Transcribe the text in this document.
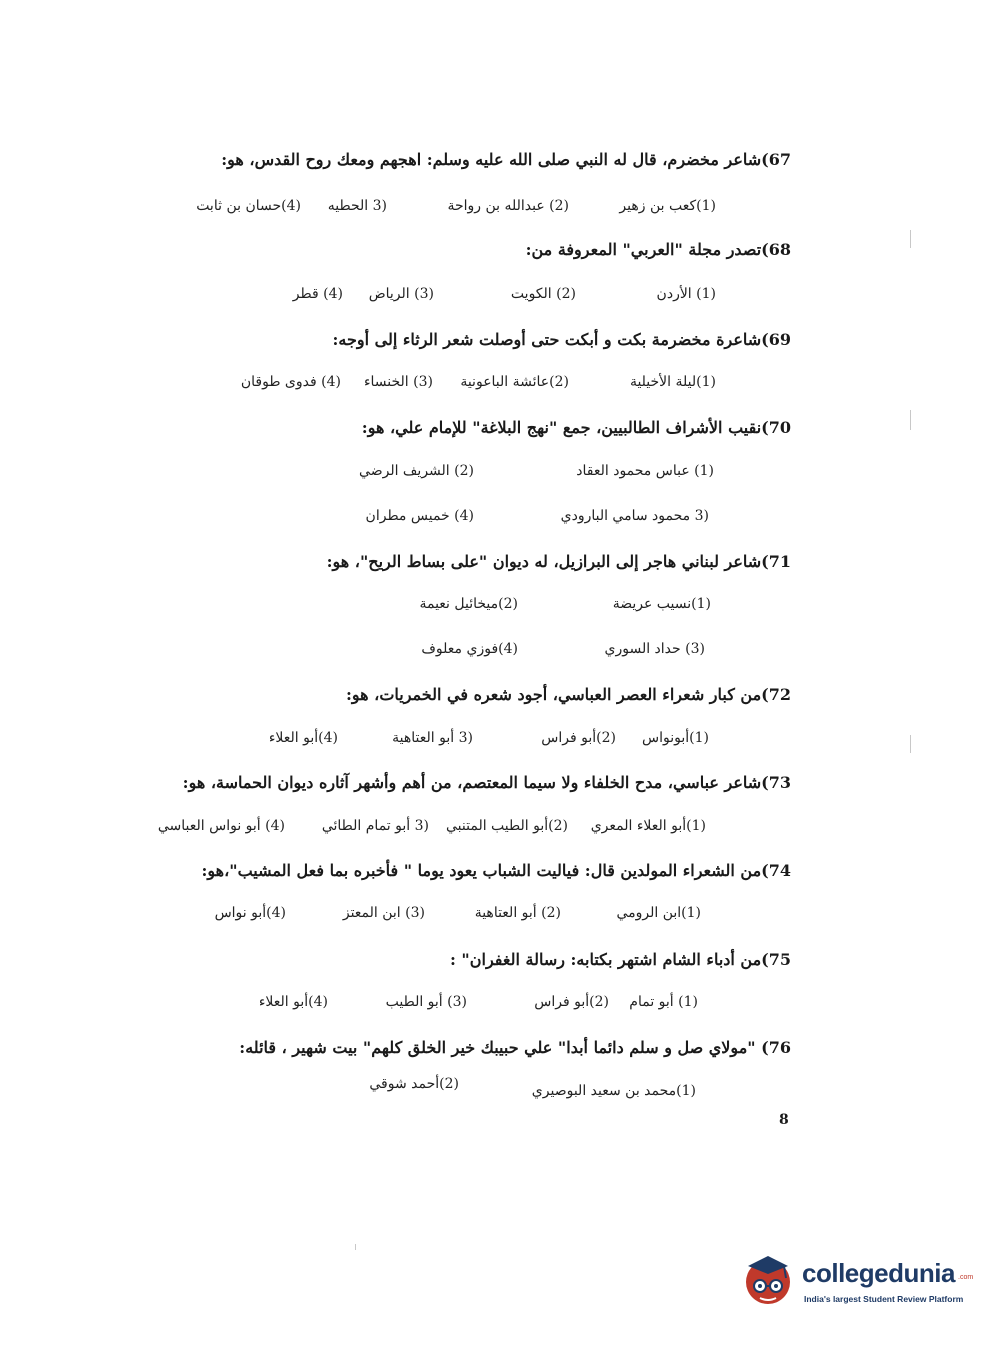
67)شاعر مخضرم، قال له النبي صلى الله عليه وسلم: اهجهم ومعك روح القدس، هو:
(1)كعب بن زهير
(2) عبدالله بن رواحة
(3 الحطيه
(4)حسان بن ثابت
68)تصدر مجلة "العربي" المعروفة من:
(1) الأردن
(2) الكويت
(3) الرياض
(4) قطر
69)شاعرة مخضرمة بكت و أبكت حتى أوصلت شعر الرثاء إلى أوجه:
(1)ليلة الأخيلية
(2)عائشة الباعونية
(3) الخنساء
(4) فدوى طوقان
70)نقيب الأشراف الطالبيين، جمع "نهج البلاغة" للإمام علي، هو:
(1) عباس محمود العقاد
(2) الشريف الرضي
(3 محمود سامي البارودي
(4) خميس مطران
71)شاعر لبناني هاجر إلى البرازيل، له ديوان "على بساط الريح"، هو:
(1)نسيب عريضة
(2)ميخائيل نعيمة
(3) حداد السوري
(4)فوزي معلوف
72)من كبار شعراء العصر العباسي، أجود شعره في الخمريات، هو:
(1)أبونواس
(2)أبو فراس
(3 أبو العتاهية
(4)أبو العلاء
73)شاعر عباسي، مدح الخلفاء ولا سيما المعتصم، من أهم وأشهر آثاره ديوان الحماسة، هو:
(1)أبو العلاء المعري
(2)أبو الطيب المتنبي
(3 أبو تمام الطائي
(4) أبو نواس العباسي
74)من الشعراء المولدين قال: فياليت الشباب يعود يوما " فأخبره بما فعل المشيب"،هو:
(1)ابن الرومي
(2) أبو العتاهية
(3) ابن المعتز
(4)أبو نواس
75)من أدباء الشام اشتهر بكتابه: رسالة الغفران" :
(1) أبو تمام
(2)أبو فراس
(3) أبو الطيب
(4)أبو العلاء
76) "مولاي صل و سلم دائما أبدا" علي حبيبك خير الخلق كلهم" بيت شهير ، قائله:
(1)محمد بن سعيد البوصيري
(2)أحمد شوقي
8
collegedunia .com
India's largest Student Review Platform
